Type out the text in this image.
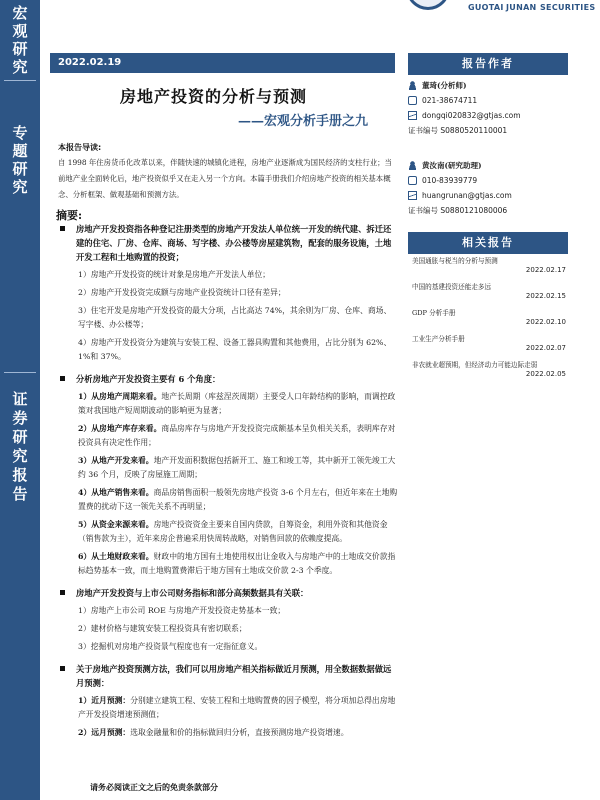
宏观研究
专题研究
证券研究报告
GUOTAI JUNAN SECURITIES
2022.02.19
房地产投资的分析与预测
——宏观分析手册之九
本报告导读:
自 1998 年住房货币化改革以来，伴随快速的城镇化进程，房地产业逐渐成为国民经济的支柱行业；当前地产业全面转化后，地产投资似乎又在走入另一个方向。本篇手册我们介绍房地产投资的相关基本概念、分析框架、做观基础和预测方法。
摘要:
房地产开发投资指各种登记注册类型的房地产开发法人单位统一开发的统代建、拆迁还建的住宅、厂房、仓库、商场、写字楼、办公楼等房屋建筑物，配套的服务设施，土地开发工程和土地购置的投资；
1）房地产开发投资的统计对象是房地产开发法人单位；
2）房地产开发投资完成额与房地产业投资统计口径有差异；
3）住宅开发是房地产开发投资的最大分项，占比高达 74%，其余则为厂房、仓库、商场、写字楼、办公楼等；
4）房地产开发投资分为建筑与安装工程、设备工器具购置和其他费用，占比分别为 62%、1%和 37%。
分析房地产开发投资主要有 6 个角度：
1）从房地产周期来看。地产长周期（库兹涅茨周期）主要受人口年龄结构的影响，而调控政策对我国地产短周期波动的影响更为显著；
2）从房地产库存来看。商品房库存与房地产开发投资完成额基本呈负相关关系，表明库存对投资具有决定性作用；
3）从地产开发来看。地产开发面积数据包括新开工、施工和竣工等，其中新开工领先竣工大约 36 个月，反映了房屋施工周期；
4）从地产销售来看。商品房销售面积一般领先房地产投资 3-6 个月左右，但近年来在土地购置费的扰动下这一领先关系不再明显；
5）从资金来源来看。房地产投资资金主要来自国内贷款，自筹资金，利用外资和其他资金（销售款为主），近年来房企普遍采用快周转战略，对销售回款的依赖度提高。
6）从土地财政来看。财政中的地方国有土地使用权出让金收入与房地产中的土地成交价款指标趋势基本一致，而土地购置费滞后于地方国有土地成交价款 2-3 个季度。
房地产开发投资与上市公司财务指标和部分高频数据具有关联：
1）房地产上市公司 ROE 与房地产开发投资走势基本一致；
2）建材价格与建筑安装工程投资具有密切联系；
3）挖掘机对房地产投资景气程度也有一定指征意义。
关于房地产投资预测方法，我们可以用房地产相关指标做近月预测，用全数据数据做远月预测：
1）近月预测：分别建立建筑工程、安装工程和土地购置费的因子模型，将分项加总得出房地产开发投资增速预测值；
2）远月预测：选取金融量和价的指标做回归分析，直接预测房地产投资增速。
请务必阅读正文之后的免责条款部分
报告作者
董琦(分析师)
021-38674711
dongqi020832@gtjas.com
证书编号 S0880520110001
黄汝南(研究助理)
010-83939779
huangrunan@gtjas.com
证书编号 S0880121080006
相关报告
美国通胀与税当的分析与预测
2022.02.17
中国的基建投资还能走多远
2022.02.15
GDP 分析手册
2022.02.10
工业生产分析手册
2022.02.07
非农就业超预期，但经济动力可能边际走弱
2022.02.05
